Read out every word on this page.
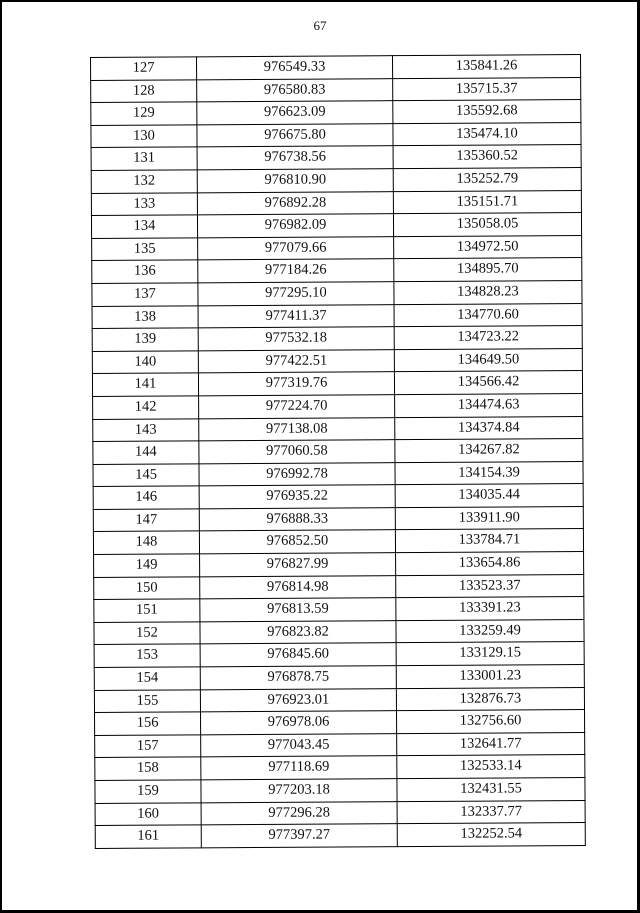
67
127	976549.33	135841.26
128	976580.83	135715.37
129	976623.09	135592.68
130	976675.80	135474.10
131	976738.56	135360.52
132	976810.90	135252.79
133	976892.28	135151.71
134	976982.09	135058.05
135	977079.66	134972.50
136	977184.26	134895.70
137	977295.10	134828.23
138	977411.37	134770.60
139	977532.18	134723.22
140	977422.51	134649.50
141	977319.76	134566.42
142	977224.70	134474.63
143	977138.08	134374.84
144	977060.58	134267.82
145	976992.78	134154.39
146	976935.22	134035.44
147	976888.33	133911.90
148	976852.50	133784.71
149	976827.99	133654.86
150	976814.98	133523.37
151	976813.59	133391.23
152	976823.82	133259.49
153	976845.60	133129.15
154	976878.75	133001.23
155	976923.01	132876.73
156	976978.06	132756.60
157	977043.45	132641.77
158	977118.69	132533.14
159	977203.18	132431.55
160	977296.28	132337.77
161	977397.27	132252.54
